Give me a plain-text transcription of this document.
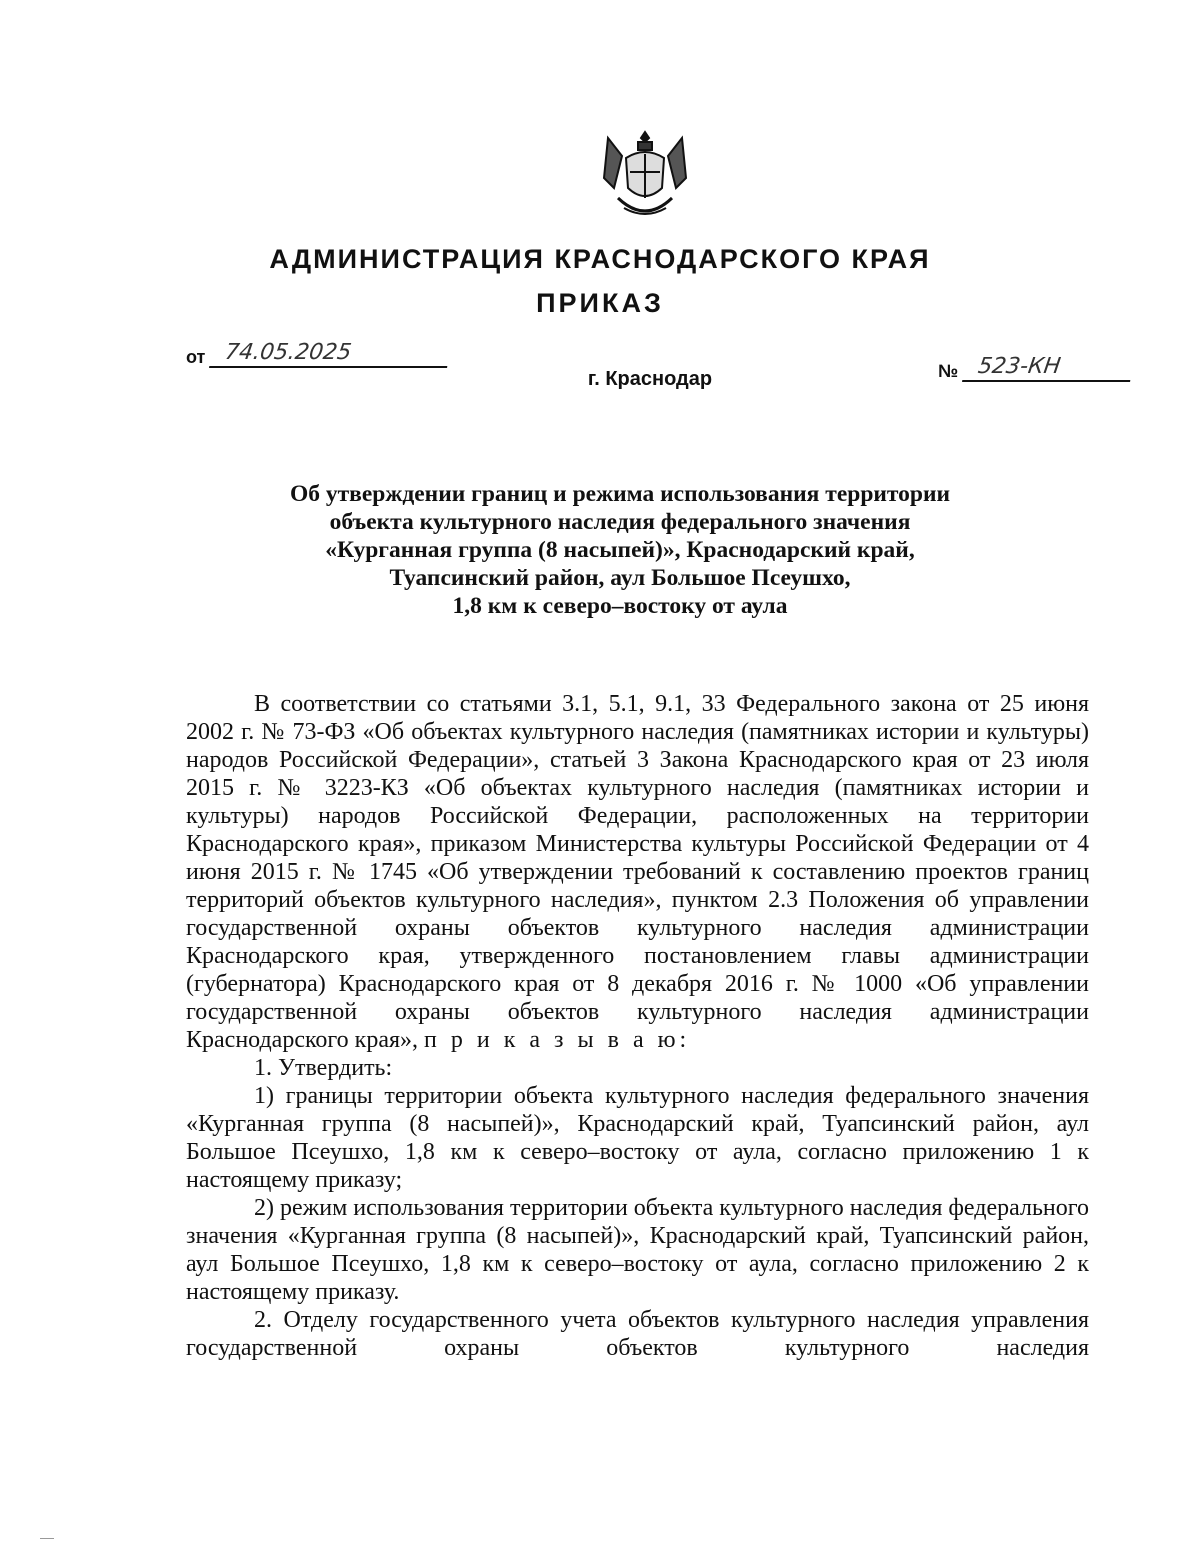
АДМИНИСТРАЦИЯ КРАСНОДАРСКОГО КРАЯ
ПРИКАЗ
от 74.05.2025
№ 523-КН
г. Краснодар
Об утверждении границ и режима использования территории
объекта культурного наследия федерального значения
«Курганная группа (8 насыпей)», Краснодарский край,
Туапсинский район, аул Большое Псеушхо,
1,8 км к северо–востоку от аула

В соответствии со статьями 3.1, 5.1, 9.1, 33 Федерального закона от 25 июня 2002 г. № 73-ФЗ «Об объектах культурного наследия (памятниках истории и культуры) народов Российской Федерации», статьей 3 Закона Краснодарского края от 23 июля 2015 г. № 3223-КЗ «Об объектах культурного наследия (памятниках истории и культуры) народов Российской Федерации, расположенных на территории Краснодарского края», приказом Министерства культуры Российской Федерации от 4 июня 2015 г. № 1745 «Об утверждении требований к составлению проектов границ территорий объектов культурного наследия», пунктом 2.3 Положения об управлении государственной охраны объектов культурного наследия администрации Краснодарского края, утвержденного постановлением главы администрации (губернатора) Краснодарского края от 8 декабря 2016 г. № 1000 «Об управлении государственной охраны объектов культурного наследия администрации Краснодарского края», п р и к а з ы в а ю:

1. Утвердить:

1) границы территории объекта культурного наследия федерального значения «Курганная группа (8 насыпей)», Краснодарский край, Туапсинский район, аул Большое Псеушхо, 1,8 км к северо–востоку от аула, согласно приложению 1 к настоящему приказу;

2) режим использования территории объекта культурного наследия федерального значения «Курганная группа (8 насыпей)», Краснодарский край, Туапсинский район, аул Большое Псеушхо, 1,8 км к северо–востоку от аула, согласно приложению 2 к настоящему приказу.

2. Отделу государственного учета объектов культурного наследия управления государственной охраны объектов культурного наследия
